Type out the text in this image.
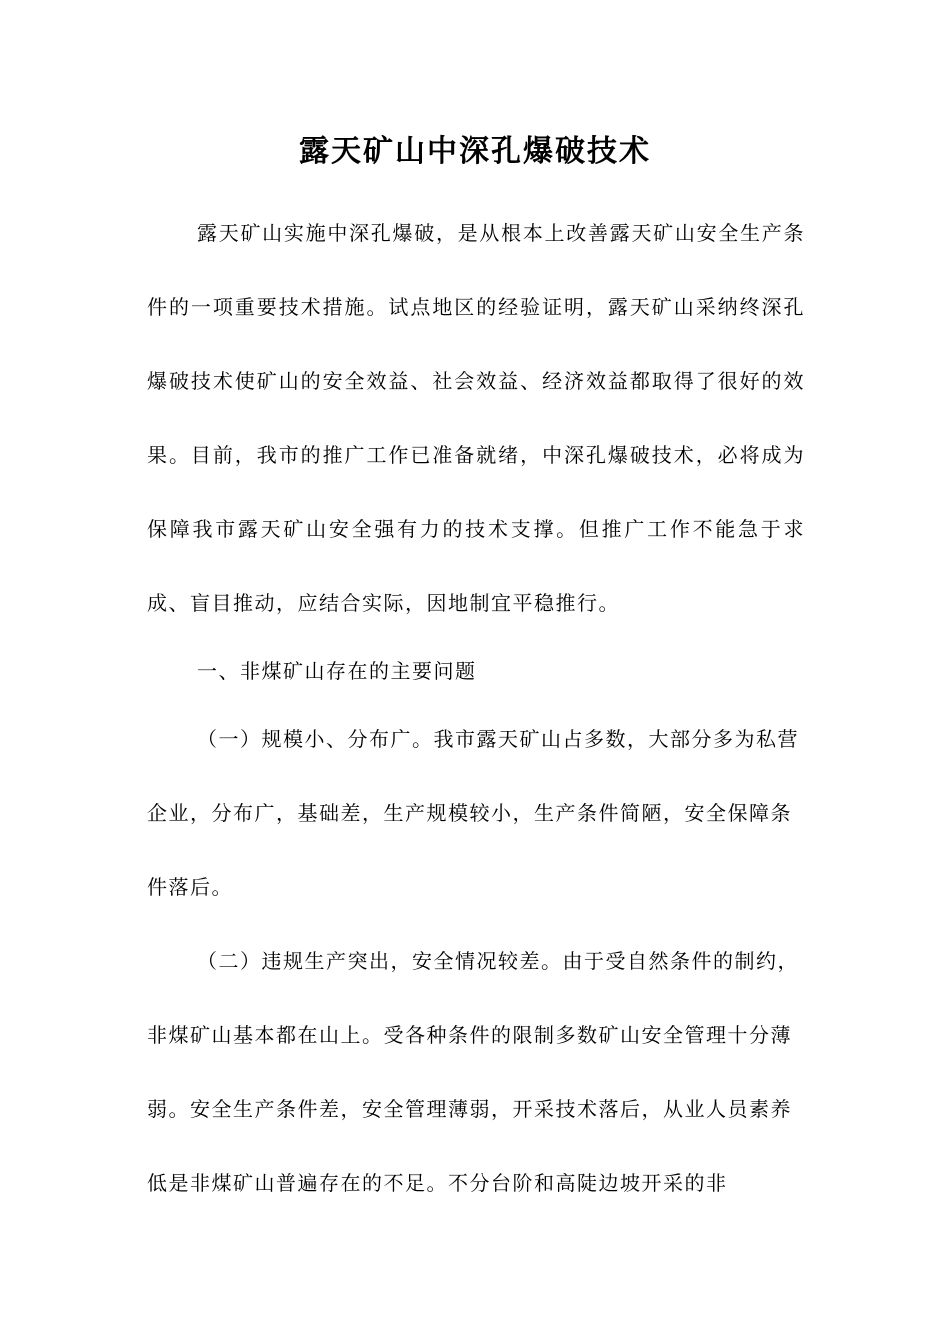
露天矿山中深孔爆破技术

露天矿山实施中深孔爆破，是从根本上改善露天矿山安全生产条件的一项重要技术措施。试点地区的经验证明，露天矿山采纳终深孔爆破技术使矿山的安全效益、社会效益、经济效益都取得了很好的效果。目前，我市的推广工作已准备就绪，中深孔爆破技术，必将成为保障我市露天矿山安全强有力的技术支撑。但推广工作不能急于求成、盲目推动，应结合实际，因地制宜平稳推行。

一、非煤矿山存在的主要问题

（一）规模小、分布广。我市露天矿山占多数，大部分多为私营企业，分布广，基础差，生产规模较小，生产条件简陋，安全保障条件落后。

（二）违规生产突出，安全情况较差。由于受自然条件的制约，非煤矿山基本都在山上。受各种条件的限制多数矿山安全管理十分薄弱。安全生产条件差，安全管理薄弱，开采技术落后，从业人员素养低是非煤矿山普遍存在的不足。不分台阶和高陡边坡开采的非
